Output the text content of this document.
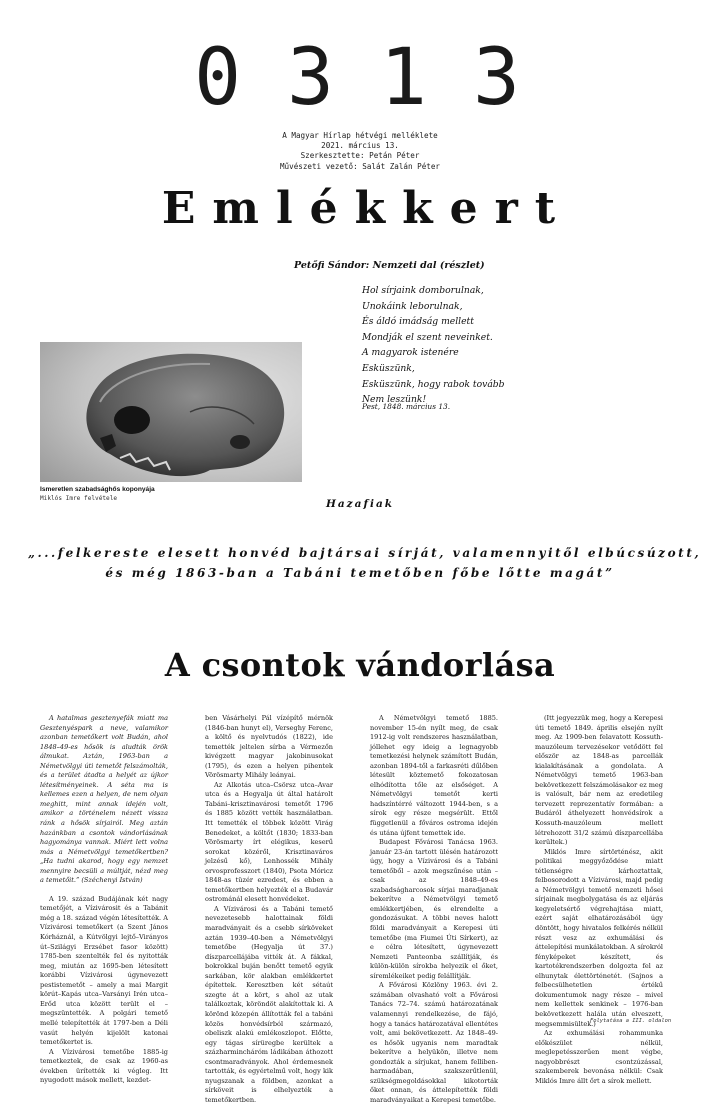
0313
A Magyar Hírlap hétvégi melléklete
2021. március 13.
Szerkesztette: Petán Péter
Művészeti vezető: Salát Zalán Péter
Emlékkert
Petőfi Sándor: Nemzeti dal (részlet)
Hol sírjaink domborulnak,
Unokáink leborulnak,
És áldó imádság mellett
Mondják el szent neveinket.
A magyarok istenére
Esküszünk,
Esküszünk, hogy rabok tovább
Nem leszünk!
Pest, 1848. március 13.
Ismeretlen szabadsághős koponyája
Miklós Imre felvétele	Hazafiak
„...felkereste elesett honvéd bajtársai sírját, valamennyitől elbúcsúzott,
és még 1863-ban a Tabáni temetőben főbe lőtte magát”
A csontok vándorlása

A hatalmas gesztenyefák miatt ma Gesztenyéspark a neve, valamikor azonban temetőkert volt Budán, ahol 1848–49-es hősök is aludták örök álmukat. Aztán, 1963-ban a Németvölgyi úti temetőt felszámolták, és a terület átadta a helyét az újkor létesítményeinek. A séta ma is kellemes ezen a helyen, de nem olyan meghitt, mint annak idején volt, amikor a történelem nézett vissza ránk a hősök sírjairól. Meg aztán hazánkban a csontok vándorlásának hagyománya vannak. Miért lett volna más a Németvölgyi temetőkertben? „Ha tudni akarod, hogy egy nemzet mennyire becsüli a múltját, nézd meg a temetőit.” (Széchenyi István)

A 19. század Budájának két nagy temetőjét, a Vízivárosit és a Tabánit még a 18. század végén létesítették. A Vízivárosi temetőkert (a Szent János Kórháznál, a Kútvölgyi lejtő–Virányos út–Szilágyi Erzsébet fasor között) 1785-ben szentelték fel és nyitották meg, miután az 1695-ben létesített korábbi Vízivárosi úgynevezett pestistemetőt – amely a mai Margit körút–Kapás utca–Varsányi Irén utca–Erőd utca között terült el – megszüntették. A polgári temető mellé telepítették át 1797-ben a Déli vasút helyén kijelölt katonai temetőkertet is.

A Vízivárosi temetőbe 1885-ig temetkeztek, de csak az 1960-as években ürítették ki végleg. Itt nyugodott mások mellett, kezdet-

ben Vásárhelyi Pál vízépítő mérnök (1846-ban hunyt el), Verseghy Ferenc, a költő és nyelvtudós (1822), ide temették jeltelen sírba a Vérmezőn kivégzett magyar jakobinusokat (1795), és ezen a helyen pihentek Vörösmarty Mihály leányai.

Az Alkotás utca–Csörsz utca–Avar utca és a Hegyalja út által határolt Tabáni–krisztinavárosi temetőt 1796 és 1885 között vették használatban. Itt temették el többek között Virág Benedeket, a költőt (1830; 1833-ban Vörösmarty írt elégikus, keserű sorokat közéről, Krisztinaváros jelzésű kő), Lenhossék Mihály orvosprofesszort (1840), Psota Móricz 1848-as tüzér ezredest, és ebben a temetőkertben helyezték el a Budavár ostrománál elesett honvédeket.

A Vízivárosi és a Tabáni temető nevezetesebb halottainak földi maradványait és a csebb sírköveket aztán 1939–40-ben a Németvölgyi temetőbe (Hegyalja út 37.) díszparcellájába vitték át. A fákkal, bokrokkal buján benőtt temető egyik sarkában, kör alakban emlékkertet építettek. Keresztben két sétaút szegte át a kört, s ahol az utak találkoztak, köröndöt alakítottak ki. A körönd közepén állították fel a tabáni közös honvédsírból származó, obeliszk alakú emlékoszlopot. Előtte, egy tágas sírüregbe kerültek a százharmincháróm ládikában áthozott csontmaradványok. Ahol érdemesnek tartották, és egyértelmű volt, hogy kik nyugszanak a földben, azonkat a sírköveit is elhelyezték a temetőkertben.

A Németvölgyi temető 1885. november 15-én nyílt meg, de csak 1912-ig volt rendszeres használatban, jóllehet egy ideig a legnagyobb temetkezési helynek számított Budán, azonban 1894-től a farkasréti dűlőben létesült köztemető fokozatosan elhódította tőle az elsőséget. A Németvölgyi temetőt kerti hadszíntérré változott 1944-ben, s a sírok egy része megsérült. Ettől függetlenül a főváros ostroma idején és utána újfent temettek ide.

Budapest Fővárosi Tanácsa 1963. január 23-án tartott ülésén határozott úgy, hogy a Vízivárosi és a Tabáni temetőből – azok megszűnése után – csak az 1848–49-es szabadságharcosok sírjai maradjanak bekerítve a Németvölgyi temető emlékkertjében, és elrendelte a gondozásukat. A többi neves halott földi maradványait a Kerepesi úti temetőbe (ma Fiumei Úti Sírkert), az e célra létesített, úgynevezett Nemzeti Panteonba szállítják, és külön-külön sírokba helyezik el őket, síremlékeiket pedig felállítják.

A Fővárosi Közlöny 1963. évi 2. számában olvasható volt a Fővárosi Tanács 72–74. számú határozatának valamennyi rendelkezése, de fájó, hogy a tanács határozatával ellentétes volt, ami bekövetkezett. Az 1848–49-es hősök ugyanis nem maradtak bekerítve a helyükön, illetve nem gondozták a sírjukat, hanem felliben-harmadában, szakszerűtlenül, szükségmegoldásokkal kikotorták őket onnan, és áttelepítették földi maradványaikat a Kerepesi temetőbe.

(Itt jegyezzük meg, hogy a Kerepesi úti temető 1849. április elsején nyílt meg. Az 1909-ben felavatott Kossuth-mauzóleum tervezésekor vetődött fel először az 1848-as parcellák kialakításának a gondolata. A Németvölgyi temető 1963-ban bekövetkezett felszámolásakor ez meg is valósult, bár nem az eredetileg tervezett reprezentatív formában: a Budáról áthelyezett honvédsírok a Kossuth-mauzóleum mellett létrehozott 31/2 számú díszparcellába kerültek.)

Miklós Imre sírtörténész, akit politikai meggyőződése miatt tétlenségre kárhoztattak, felbosorodott a Vízivárosi, majd pedig a Németvölgyi temető nemzeti hősei sírjainak megbolygatása és az eljárás kegyeletsértő végrehajtása miatt, ezért saját elhatározásából úgy döntött, hogy hivatalos felkérés nélkül részt vesz az exhumálási és áttelepítési munkálatokban. A sírokról fényképeket készített, és kartotékrendszerben dolgozta fel az elhunytak élettörténetét. (Sajnos a felbecsülhetetlen értékű dokumentumok nagy része – mivel nem kellettek senkinek – 1976-ban bekövetkezett halála után elveszett, megsemmisültek.)

Az exhumálási rohammunka előkészület nélkül, meglepetésszerűen ment végbe, nagyobbrészt csontzúzással, szakemberek bevonása nélkül: Csak Miklós Imre állt őrt a sírok mellett.

Folytatása a III. oldalon
